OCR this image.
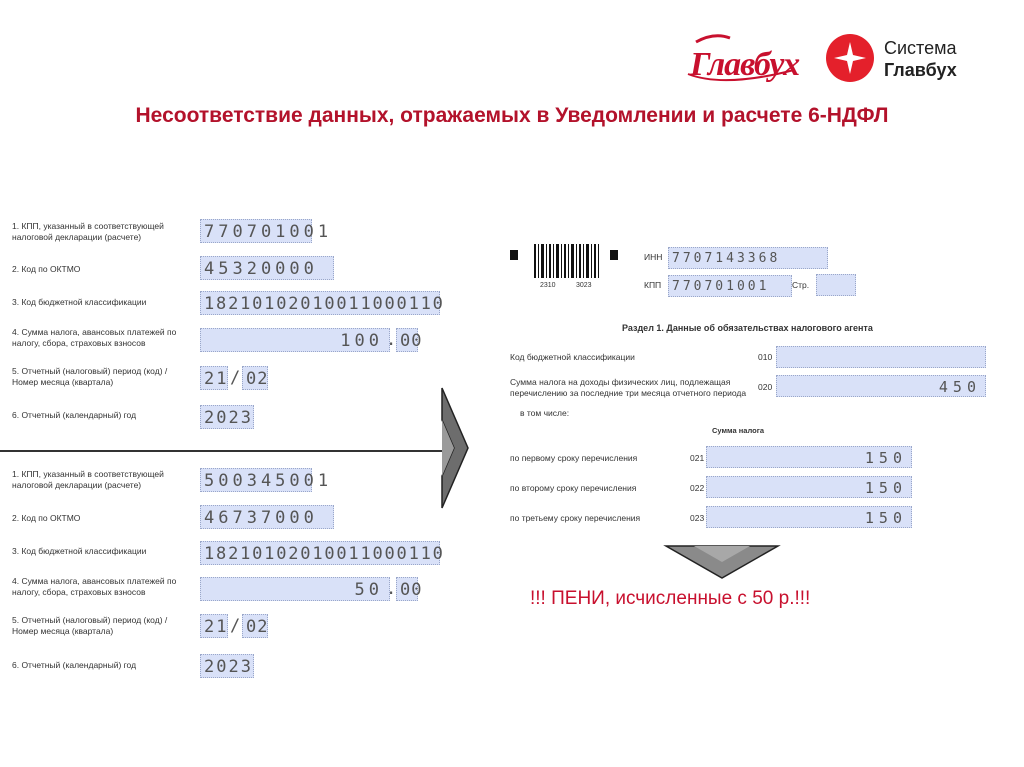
Главбух	Система
Главбух
Несоответствие данных, отражаемых в Уведомлении и расчете 6-НДФЛ
1. КПП, указанный в соответствующей налоговой декларации (расчете)	770701001
2. Код по ОКТМО	45320000
3. Код бюджетной классификации	18210102010011000110
4. Сумма налога, авансовых платежей по налогу, сбора, страховых взносов	100 . 00
5. Отчетный (налоговый) период (код) / Номер месяца (квартала)	21 / 02
6. Отчетный (календарный) год	2023
1. КПП, указанный в соответствующей налоговой декларации (расчете)	500345001
2. Код по ОКТМО	46737000
3. Код бюджетной классификации	18210102010011000110
4. Сумма налога, авансовых платежей по налогу, сбора, страховых взносов	50 . 00
5. Отчетный (налоговый) период (код) / Номер месяца (квартала)	21 / 02
6. Отчетный (календарный) год	2023
2310	3023
ИНН 7707143368
КПП 770701001	Стр.
Раздел 1. Данные об обязательствах налогового агента
Код бюджетной классификации	010
Сумма налога на доходы физических лиц, подлежащая перечислению за последние три месяца отчетного периода
020	450
в том числе:
Сумма налога
по первому сроку перечисления	021	150
по второму сроку перечисления	022	150
по третьему сроку перечисления	023	150
!!! ПЕНИ, исчисленные с 50 р.!!!
